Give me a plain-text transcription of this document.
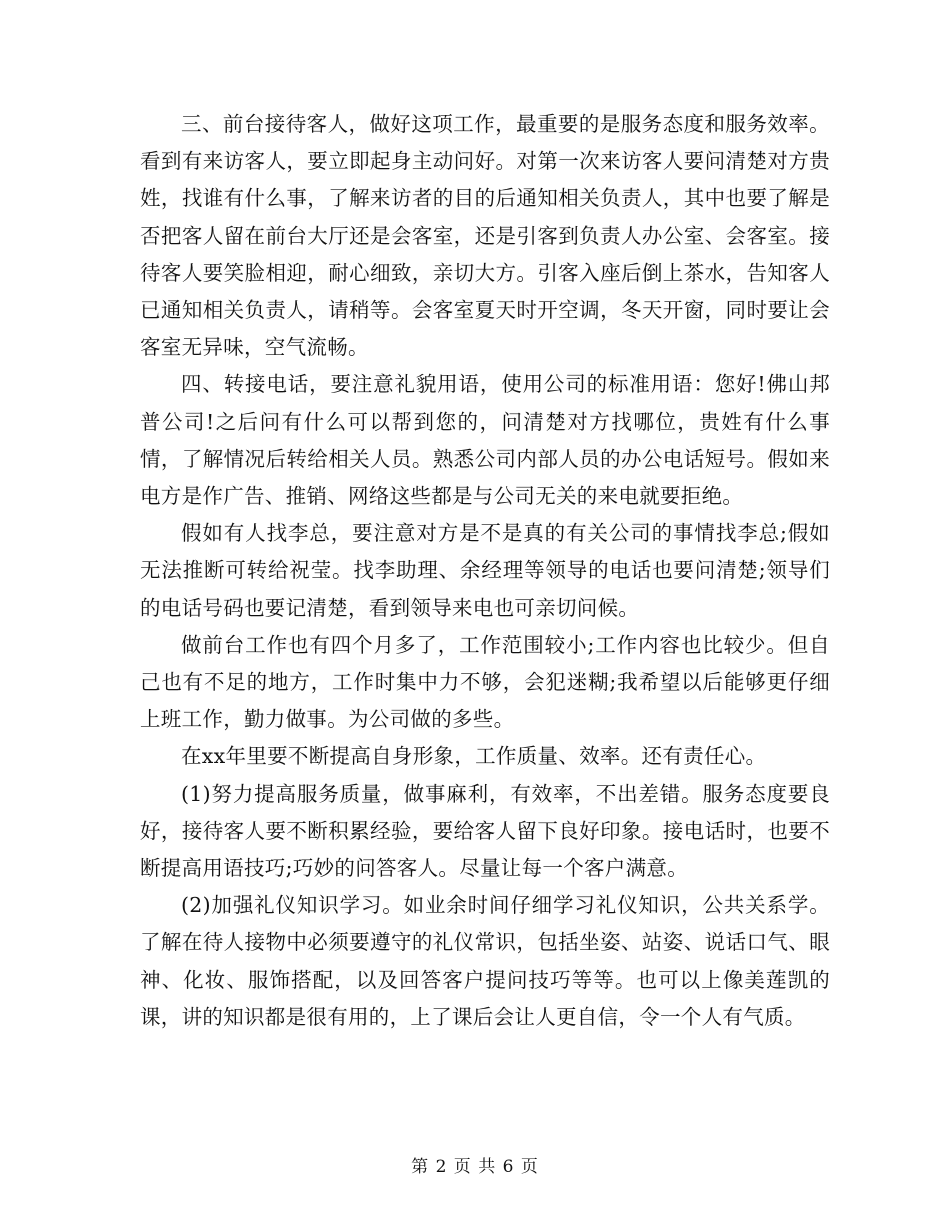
三、前台接待客人，做好这项工作，最重要的是服务态度和服务效率。看到有来访客人，要立即起身主动问好。对第一次来访客人要问清楚对方贵姓，找谁有什么事，了解来访者的目的后通知相关负责人，其中也要了解是否把客人留在前台大厅还是会客室，还是引客到负责人办公室、会客室。接待客人要笑脸相迎，耐心细致，亲切大方。引客入座后倒上茶水，告知客人已通知相关负责人，请稍等。会客室夏天时开空调，冬天开窗，同时要让会客室无异味，空气流畅。

四、转接电话，要注意礼貌用语，使用公司的标准用语：您好!佛山邦普公司!之后问有什么可以帮到您的，问清楚对方找哪位，贵姓有什么事情，了解情况后转给相关人员。熟悉公司内部人员的办公电话短号。假如来电方是作广告、推销、网络这些都是与公司无关的来电就要拒绝。

假如有人找李总，要注意对方是不是真的有关公司的事情找李总;假如无法推断可转给祝莹。找李助理、余经理等领导的电话也要问清楚;领导们的电话号码也要记清楚，看到领导来电也可亲切问候。

做前台工作也有四个月多了，工作范围较小;工作内容也比较少。但自己也有不足的地方，工作时集中力不够，会犯迷糊;我希望以后能够更仔细上班工作，勤力做事。为公司做的多些。

在xx年里要不断提高自身形象，工作质量、效率。还有责任心。

(1)努力提高服务质量，做事麻利，有效率，不出差错。服务态度要良好，接待客人要不断积累经验，要给客人留下良好印象。接电话时，也要不断提高用语技巧;巧妙的问答客人。尽量让每一个客户满意。

(2)加强礼仪知识学习。如业余时间仔细学习礼仪知识，公共关系学。了解在待人接物中必须要遵守的礼仪常识，包括坐姿、站姿、说话口气、眼神、化妆、服饰搭配，以及回答客户提问技巧等等。也可以上像美莲凯的课，讲的知识都是很有用的，上了课后会让人更自信，令一个人有气质。

第 2 页 共 6 页
